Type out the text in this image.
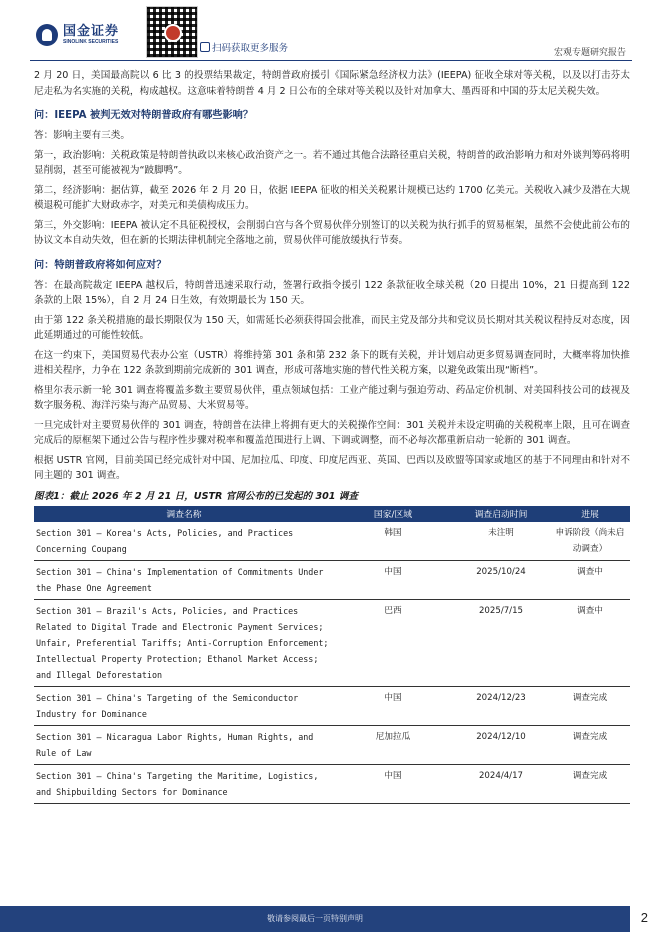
国金证券
SINOLINK SECURITIES
扫码获取更多服务	宏观专题研究报告

2 月 20 日，美国最高院以 6 比 3 的投票结果裁定，特朗普政府援引《国际紧急经济权力法》(IEEPA) 征收全球对等关税，以及以打击芬太尼走私为名实施的关税，构成越权。这意味着特朗普 4 月 2 日公布的全球对等关税以及针对加拿大、墨西哥和中国的芬太尼关税失效。

问：IEEPA 被判无效对特朗普政府有哪些影响？

答：影响主要有三类。

第一，政治影响：关税政策是特朗普执政以来核心政治资产之一。若不通过其他合法路径重启关税，特朗普的政治影响力和对外谈判筹码将明显削弱，甚至可能被视为“跛脚鸭”。

第二，经济影响：据估算，截至 2026 年 2 月 20 日，依据 IEEPA 征收的相关关税累计规模已达约 1700 亿美元。关税收入减少及潜在大规模退税可能扩大财政赤字，对美元和美债构成压力。

第三，外交影响：IEEPA 被认定不具征税授权，会削弱白宫与各个贸易伙伴分别签订的以关税为执行抓手的贸易框架，虽然不会使此前公布的协议文本自动失效，但在新的长期法律机制完全落地之前，贸易伙伴可能放缓执行节奏。

问：特朗普政府将如何应对？

答：在最高院裁定 IEEPA 越权后，特朗普迅速采取行动，签署行政指令援引 122 条款征收全球关税（20 日提出 10%，21 日提高到 122 条款的上限 15%），自 2 月 24 日生效，有效期最长为 150 天。

由于第 122 条关税措施的最长期限仅为 150 天，如需延长必须获得国会批准，而民主党及部分共和党议员长期对其关税议程持反对态度，因此延期通过的可能性较低。

在这一约束下，美国贸易代表办公室（USTR）将维持第 301 条和第 232 条下的既有关税，并计划启动更多贸易调查同时，大概率将加快推进相关程序，力争在 122 条款到期前完成新的 301 调查，形成可落地实施的替代性关税方案，以避免政策出现“断档”。

格里尔表示新一轮 301 调查将覆盖多数主要贸易伙伴，重点领域包括：工业产能过剩与强迫劳动、药品定价机制、对美国科技公司的歧视及数字服务税、海洋污染与海产品贸易、大米贸易等。

一旦完成针对主要贸易伙伴的 301 调查，特朗普在法律上将拥有更大的关税操作空间：301 关税并未设定明确的关税税率上限，且可在调查完成后的原框架下通过公告与程序性步骤对税率和覆盖范围进行上调、下调或调整，而不必每次都重新启动一轮新的 301 调查。

根据 USTR 官网，目前美国已经完成针对中国、尼加拉瓜、印度、印度尼西亚、英国、巴西以及欧盟等国家或地区的基于不同理由和针对不同主题的 301 调查。

图表1：截止 2026 年 2 月 21 日，USTR 官网公布的已发起的 301 调查
调查名称	国家/区域	调查启动时间	进展
Section 301 – Korea's Acts, Policies, and Practices Concerning Coupang	韩国	未注明	申诉阶段（尚未启动调查）
Section 301 – China's Implementation of Commitments Under the Phase One Agreement	中国	2025/10/24	调查中
Section 301 – Brazil's Acts, Policies, and Practices Related to Digital Trade and Electronic Payment Services; Unfair, Preferential Tariffs; Anti-Corruption Enforcement; Intellectual Property Protection; Ethanol Market Access; and Illegal Deforestation	巴西	2025/7/15	调查中
Section 301 – China's Targeting of the Semiconductor Industry for Dominance	中国	2024/12/23	调查完成
Section 301 – Nicaragua Labor Rights, Human Rights, and Rule of Law	尼加拉瓜	2024/12/10	调查完成
Section 301 – China's Targeting the Maritime, Logistics, and Shipbuilding Sectors for Dominance	中国	2024/4/17	调查完成
敬请参阅最后一页特别声明	2
